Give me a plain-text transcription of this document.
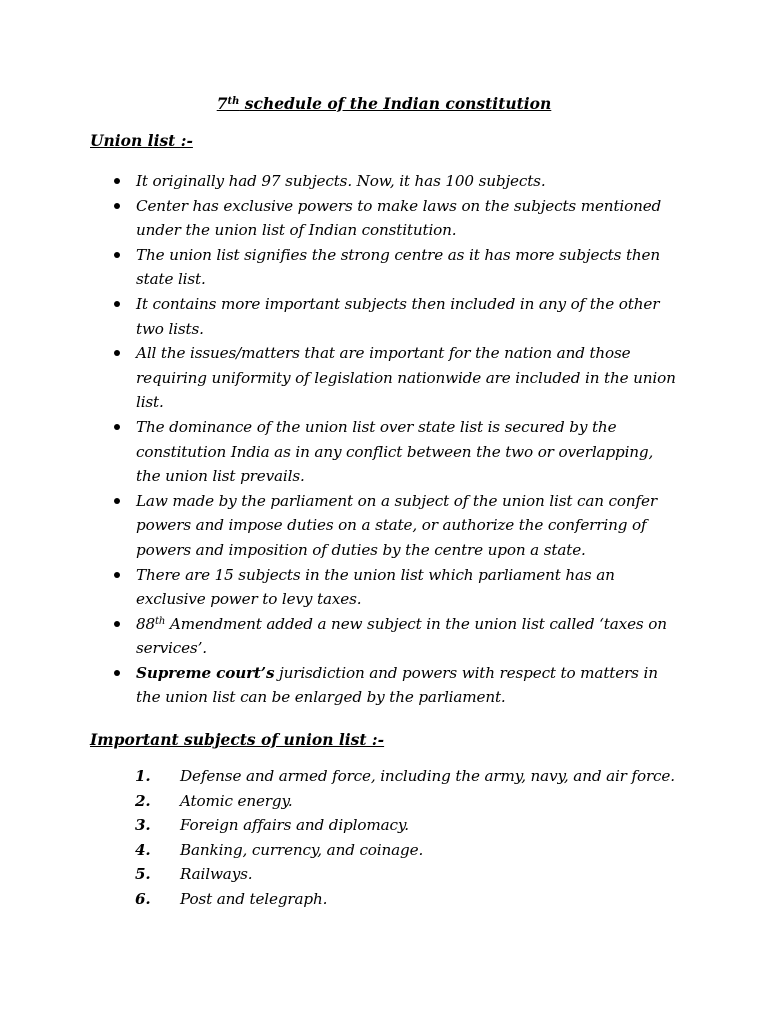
7th schedule of the Indian constitution
Union list :-
It originally had 97 subjects. Now, it has 100 subjects.
Center has exclusive powers to make laws on the subjects mentioned under the union list of Indian constitution.
The union list signifies the strong centre as it has more subjects then state list.
It contains more important subjects then included in any of the other two lists.
All the issues/matters that are important for the nation and those requiring uniformity of legislation nationwide are included in the union list.
The dominance of the union list over state list is secured by the constitution India as in any conflict between the two or overlapping, the union list prevails.
Law made by the parliament on a subject of the union list can confer powers and impose duties on a state, or authorize the conferring of powers and imposition of duties by the centre upon a state.
There are 15 subjects in the union list which parliament has an exclusive power to levy taxes.
88th Amendment added a new subject in the union list called ‘taxes on services’.
Supreme court’s jurisdiction and powers with respect to matters in the union list can be enlarged by the parliament.
Important subjects of union list :-
1. Defense and armed force, including the army, navy, and air force.
2. Atomic energy.
3. Foreign affairs and diplomacy.
4. Banking, currency, and coinage.
5. Railways.
6. Post and telegraph.
